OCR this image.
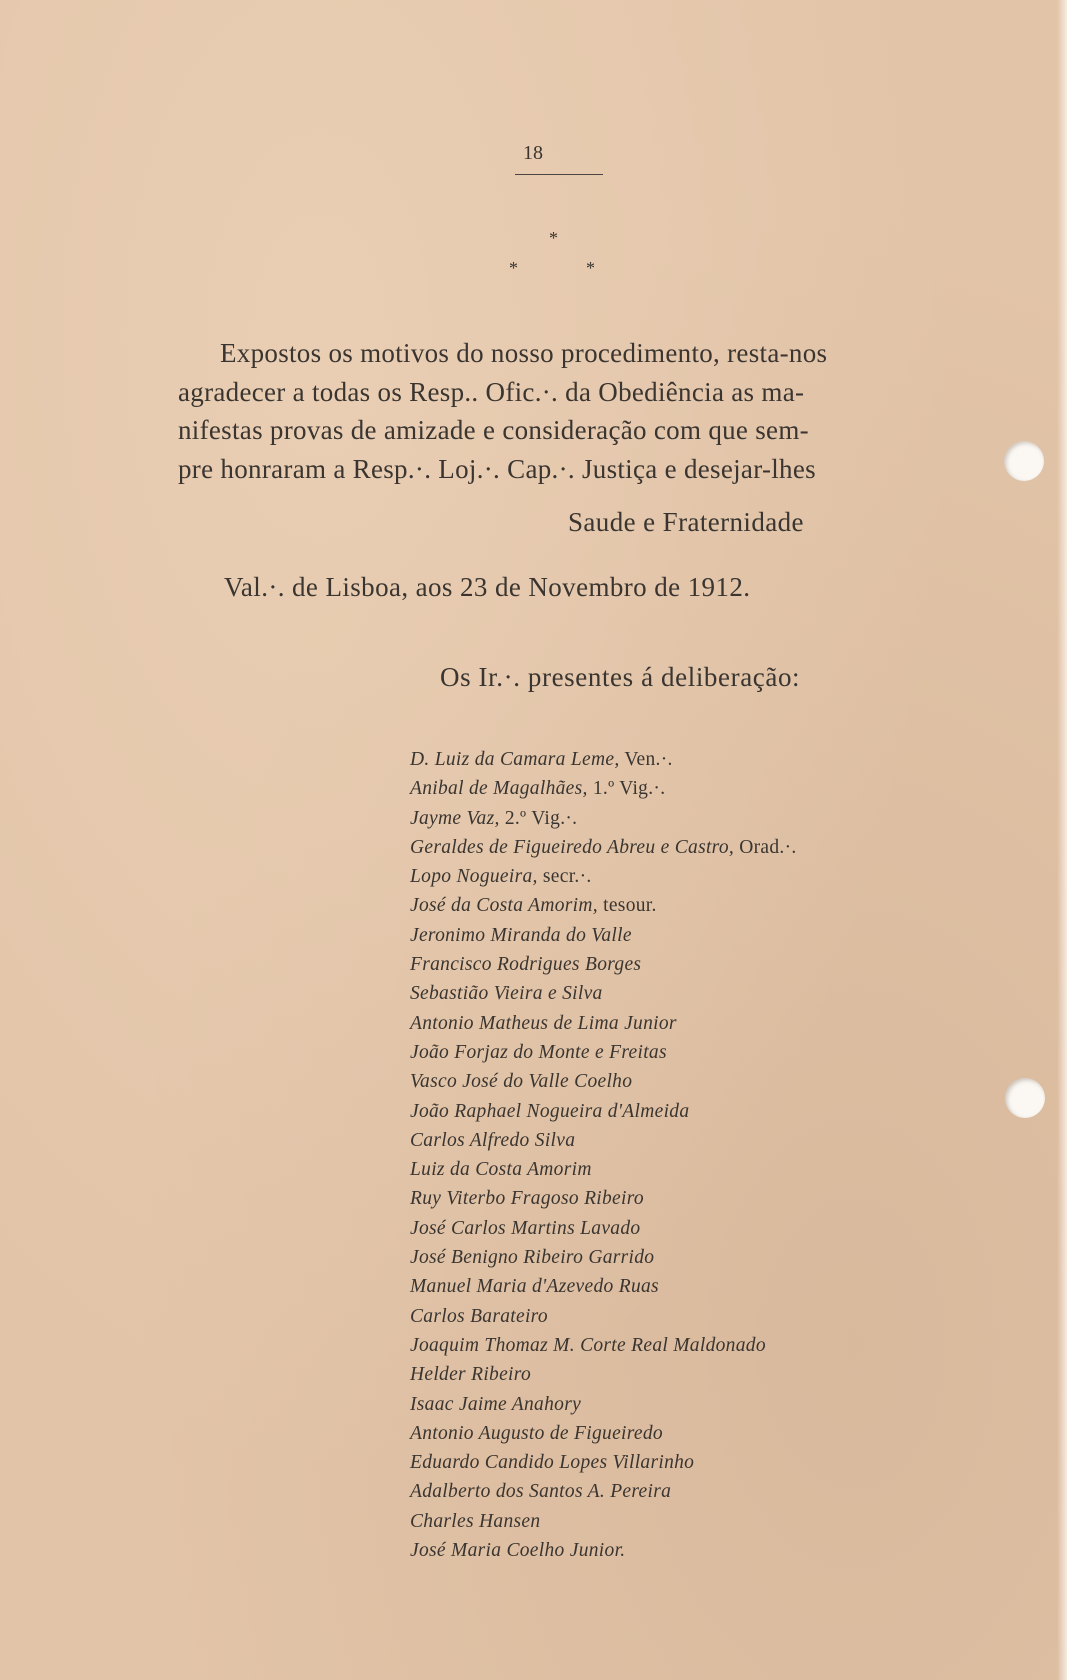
18
*
*	*
Expostos os motivos do nosso procedimento, resta-nos
agradecer a todas os Resp.. Ofic.·. da Obediência as ma-
nifestas provas de amizade e consideração com que sem-
pre honraram a Resp.·. Loj.·. Cap.·. Justiça e desejar-lhes
Saude e Fraternidade
Val.·. de Lisboa, aos 23 de Novembro de 1912.
Os Ir.·. presentes á deliberação:
D. Luiz da Camara Leme, Ven.·.
Anibal de Magalhães, 1.º Vig.·.
Jayme Vaz, 2.º Vig.·.
Geraldes de Figueiredo Abreu e Castro, Orad.·.
Lopo Nogueira, secr.·.
José da Costa Amorim, tesour.
Jeronimo Miranda do Valle
Francisco Rodrigues Borges
Sebastião Vieira e Silva
Antonio Matheus de Lima Junior
João Forjaz do Monte e Freitas
Vasco José do Valle Coelho
João Raphael Nogueira d'Almeida
Carlos Alfredo Silva
Luiz da Costa Amorim
Ruy Viterbo Fragoso Ribeiro
José Carlos Martins Lavado
José Benigno Ribeiro Garrido
Manuel Maria d'Azevedo Ruas
Carlos Barateiro
Joaquim Thomaz M. Corte Real Maldonado
Helder Ribeiro
Isaac Jaime Anahory
Antonio Augusto de Figueiredo
Eduardo Candido Lopes Villarinho
Adalberto dos Santos A. Pereira
Charles Hansen
José Maria Coelho Junior.
